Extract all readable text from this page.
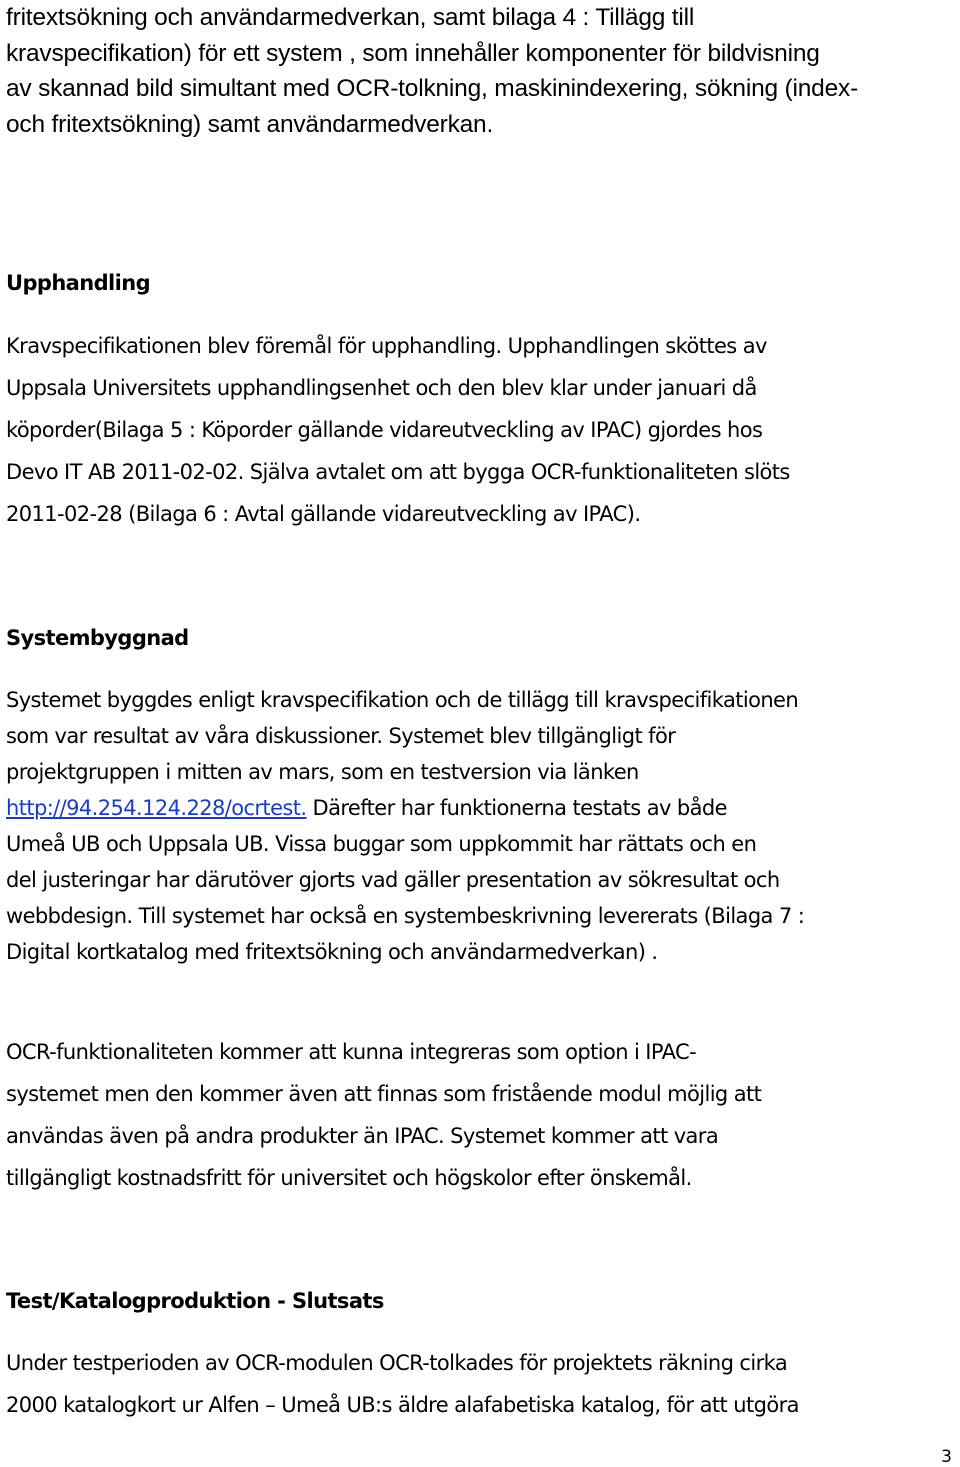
fritextsökning och användarmedverkan, samt bilaga 4 : Tillägg till
kravspecifikation) för ett system , som innehåller komponenter för bildvisning
av skannad bild simultant med OCR-tolkning, maskinindexering, sökning (index-
och fritextsökning) samt användarmedverkan.
Upphandling
Kravspecifikationen blev föremål för upphandling. Upphandlingen sköttes av
Uppsala Universitets upphandlingsenhet och den blev klar under januari då
köporder(Bilaga 5 : Köporder gällande vidareutveckling av IPAC) gjordes hos
Devo IT AB 2011-02-02. Själva avtalet om att bygga OCR-funktionaliteten slöts
2011-02-28 (Bilaga 6 : Avtal gällande vidareutveckling av IPAC).
Systembyggnad
Systemet byggdes enligt kravspecifikation och de tillägg till kravspecifikationen
som var resultat av våra diskussioner. Systemet blev tillgängligt för
projektgruppen i mitten av mars, som en testversion via länken
http://94.254.124.228/ocrtest. Därefter har funktionerna testats av både
Umeå UB och Uppsala UB. Vissa buggar som uppkommit har rättats och en
del justeringar har därutöver gjorts vad gäller presentation av sökresultat och
webbdesign. Till systemet har också en systembeskrivning levererats (Bilaga 7 :
Digital kortkatalog med fritextsökning och användarmedverkan) .
OCR-funktionaliteten kommer att kunna integreras som option i IPAC-
systemet men den kommer även att finnas som fristående modul möjlig att
användas även på andra produkter än IPAC. Systemet kommer att vara
tillgängligt kostnadsfritt för universitet och högskolor efter önskemål.
Test/Katalogproduktion - Slutsats
Under testperioden av OCR-modulen OCR-tolkades för projektets räkning cirka
2000 katalogkort ur Alfen – Umeå UB:s äldre alafabetiska katalog, för att utgöra
3
